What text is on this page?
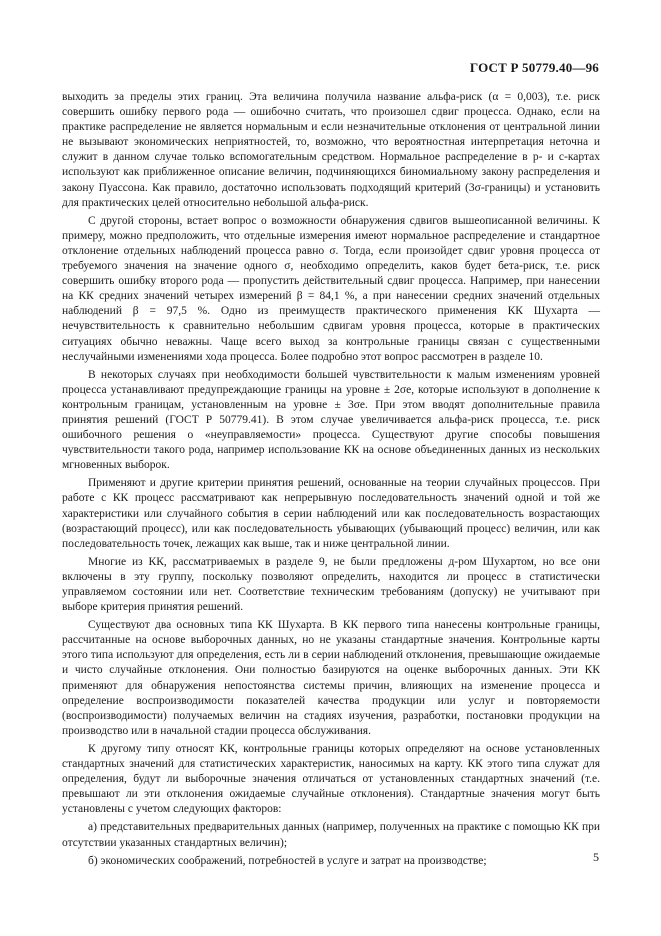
ГОСТ Р 50779.40—96

выходить за пределы этих границ. Эта величина получила название альфа-риск (α = 0,003), т.е. риск совершить ошибку первого рода — ошибочно считать, что произошел сдвиг процесса. Однако, если на практике распределение не является нормальным и если незначительные отклонения от центральной линии не вызывают экономических неприятностей, то, возможно, что вероятностная интерпретация неточна и служит в данном случае только вспомогательным средством. Нормальное распределение в p- и c-картах используют как приближенное описание величин, подчиняющихся биномиальному закону распределения и закону Пуассона. Как правило, достаточно использовать подходящий критерий (3σ-границы) и установить для практических целей относительно небольшой альфа-риск.

С другой стороны, встает вопрос о возможности обнаружения сдвигов вышеописанной величины. К примеру, можно предположить, что отдельные измерения имеют нормальное распределение и стандартное отклонение отдельных наблюдений процесса равно σ. Тогда, если произойдет сдвиг уровня процесса от требуемого значения на значение одного σ, необходимо определить, каков будет бета-риск, т.е. риск совершить ошибку второго рода — пропустить действительный сдвиг процесса. Например, при нанесении на КК средних значений четырех измерений β = 84,1 %, а при нанесении средних значений отдельных наблюдений β = 97,5 %. Одно из преимуществ практического применения КК Шухарта — нечувствительность к сравнительно небольшим сдвигам уровня процесса, которые в практических ситуациях обычно неважны. Чаще всего выход за контрольные границы связан с существенными неслучайными изменениями хода процесса. Более подробно этот вопрос рассмотрен в разделе 10.

В некоторых случаях при необходимости большей чувствительности к малым изменениям уровней процесса устанавливают предупреждающие границы на уровне ± 2σe, которые используют в дополнение к контрольным границам, установленным на уровне ± 3σe. При этом вводят дополнительные правила принятия решений (ГОСТ Р 50779.41). В этом случае увеличивается альфа-риск процесса, т.е. риск ошибочного решения о «неуправляемости» процесса. Существуют другие способы повышения чувствительности такого рода, например использование КК на основе объединенных данных из нескольких мгновенных выборок.

Применяют и другие критерии принятия решений, основанные на теории случайных процессов. При работе с КК процесс рассматривают как непрерывную последовательность значений одной и той же характеристики или случайного события в серии наблюдений или как последовательность возрастающих (возрастающий процесс), или как последовательность убывающих (убывающий процесс) величин, или как последовательность точек, лежащих как выше, так и ниже центральной линии.

Многие из КК, рассматриваемых в разделе 9, не были предложены д-ром Шухартом, но все они включены в эту группу, поскольку позволяют определить, находится ли процесс в статистически управляемом состоянии или нет. Соответствие техническим требованиям (допуску) не учитывают при выборе критерия принятия решений.

Существуют два основных типа КК Шухарта. В КК первого типа нанесены контрольные границы, рассчитанные на основе выборочных данных, но не указаны стандартные значения. Контрольные карты этого типа используют для определения, есть ли в серии наблюдений отклонения, превышающие ожидаемые и чисто случайные отклонения. Они полностью базируются на оценке выборочных данных. Эти КК применяют для обнаружения непостоянства системы причин, влияющих на изменение процесса и определение воспроизводимости показателей качества продукции или услуг и повторяемости (воспроизводимости) получаемых величин на стадиях изучения, разработки, постановки продукции на производство или в начальной стадии процесса обслуживания.

К другому типу относят КК, контрольные границы которых определяют на основе установленных стандартных значений для статистических характеристик, наносимых на карту. КК этого типа служат для определения, будут ли выборочные значения отличаться от установленных стандартных значений (т.е. превышают ли эти отклонения ожидаемые случайные отклонения). Стандартные значения могут быть установлены с учетом следующих факторов:

а) представительных предварительных данных (например, полученных на практике с помощью КК при отсутствии указанных стандартных величин);

б) экономических соображений, потребностей в услуге и затрат на производстве;	5
